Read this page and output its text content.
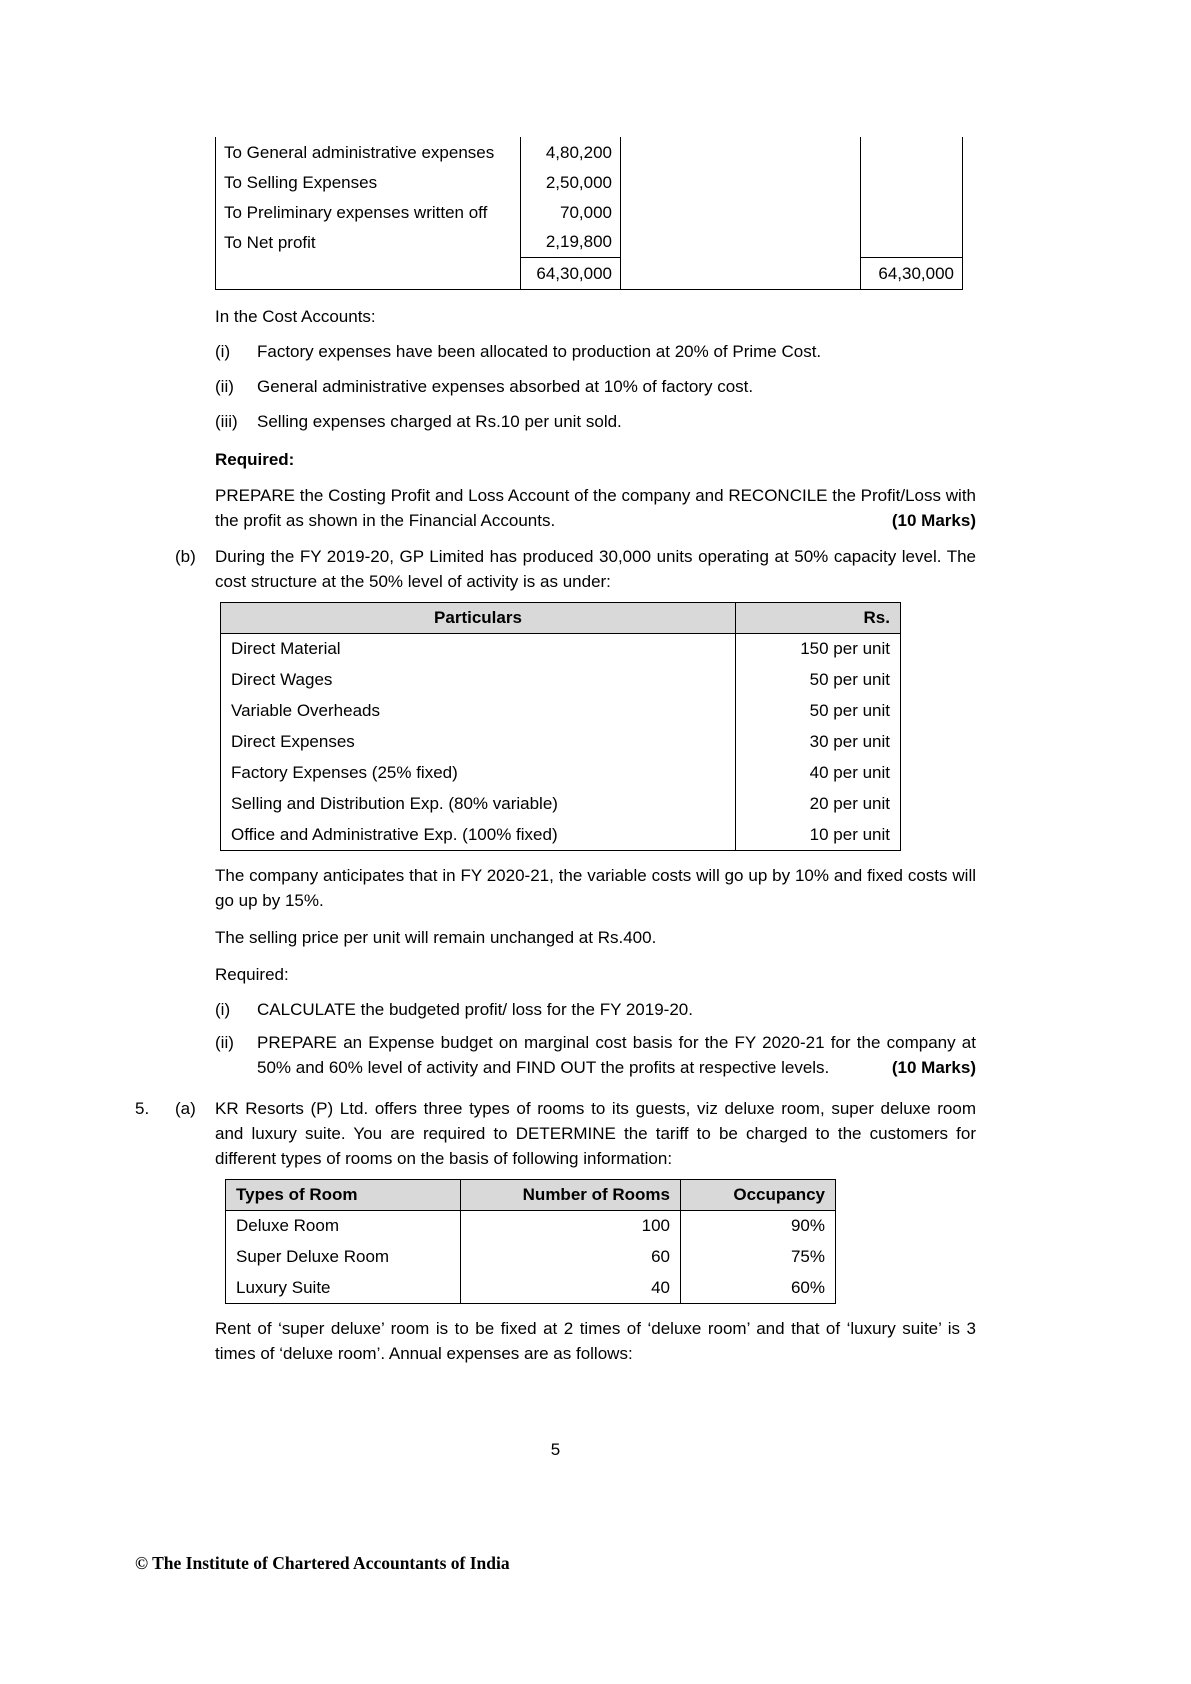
To General administrative expenses	4,80,200		
To Selling Expenses	2,50,000		
To Preliminary expenses written off	70,000		
To Net profit	2,19,800		
	64,30,000		64,30,000

In the Cost Accounts:

(i)	Factory expenses have been allocated to production at 20% of Prime Cost.
(ii)	General administrative expenses absorbed at 10% of factory cost.
(iii)	Selling expenses charged at Rs.10 per unit sold.

Required:

PREPARE the Costing Profit and Loss Account of the company and RECONCILE the Profit/Loss with the profit as shown in the Financial Accounts.	(10 Marks)

(b)	During the FY 2019-20, GP Limited has produced 30,000 units operating at 50% capacity level. The cost structure at the 50% level of activity is as under:
Particulars	Rs.
Direct Material	150 per unit
Direct Wages	50 per unit
Variable Overheads	50 per unit
Direct Expenses	30 per unit
Factory Expenses (25% fixed)	40 per unit
Selling and Distribution Exp. (80% variable)	20 per unit
Office and Administrative Exp. (100% fixed)	10 per unit

The company anticipates that in FY 2020-21, the variable costs will go up by 10% and fixed costs will go up by 15%.

The selling price per unit will remain unchanged at Rs.400.

Required:

(i)	CALCULATE the budgeted profit/ loss for the FY 2019-20.
(ii)	PREPARE an Expense budget on marginal cost basis for the FY 2020-21 for the company at 50% and 60% level of activity and FIND OUT the profits at respective levels.	(10 Marks)
5.	(a)	KR Resorts (P) Ltd. offers three types of rooms to its guests, viz deluxe room, super deluxe room and luxury suite. You are required to DETERMINE the tariff to be charged to the customers for different types of rooms on the basis of following information:
Types of Room	Number of Rooms	Occupancy
Deluxe Room	100	90%
Super Deluxe Room	60	75%
Luxury Suite	40	60%

Rent of ‘super deluxe’ room is to be fixed at 2 times of ‘deluxe room’ and that of ‘luxury suite’ is 3 times of ‘deluxe room’. Annual expenses are as follows:

5
© The Institute of Chartered Accountants of India
